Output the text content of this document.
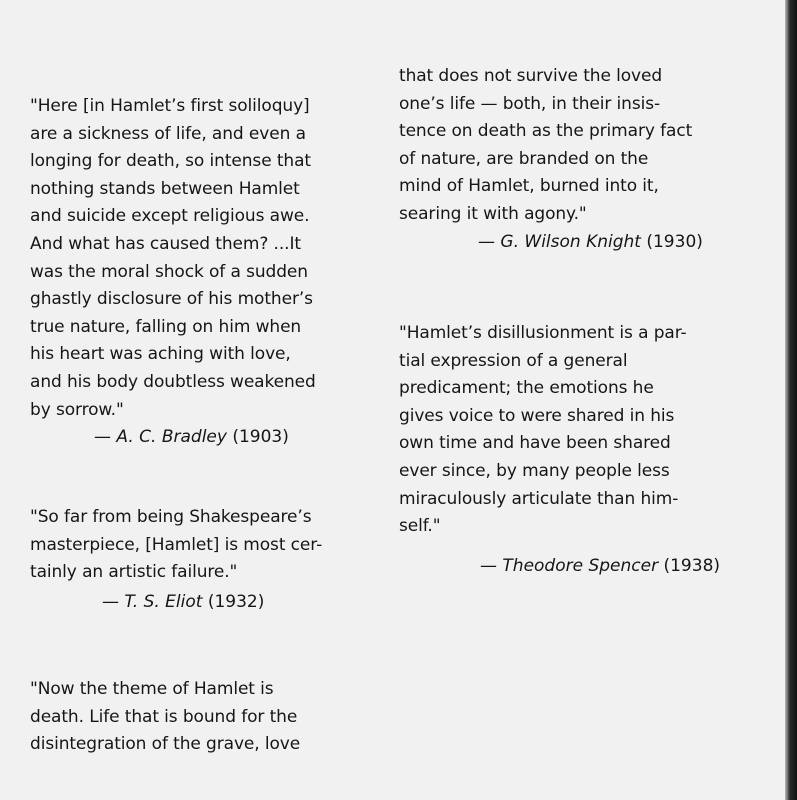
"Here [in Hamlet’s first soliloquy]
are a sickness of life, and even a
longing for death, so intense that
nothing stands between Hamlet
and suicide except religious awe.
And what has caused them? ...It
was the moral shock of a sudden
ghastly disclosure of his mother’s
true nature, falling on him when
his heart was aching with love,
and his body doubtless weakened
by sorrow."
— A. C. Bradley (1903)
"So far from being Shakespeare’s
masterpiece, [Hamlet] is most cer-
tainly an artistic failure."
— T. S. Eliot (1932)
"Now the theme of Hamlet is
death. Life that is bound for the
disintegration of the grave, love
that does not survive the loved
one’s life — both, in their insis-
tence on death as the primary fact
of nature, are branded on the
mind of Hamlet, burned into it,
searing it with agony."
— G. Wilson Knight (1930)
"Hamlet’s disillusionment is a par-
tial expression of a general
predicament; the emotions he
gives voice to were shared in his
own time and have been shared
ever since, by many people less
miraculously articulate than him-
self."
— Theodore Spencer (1938)
